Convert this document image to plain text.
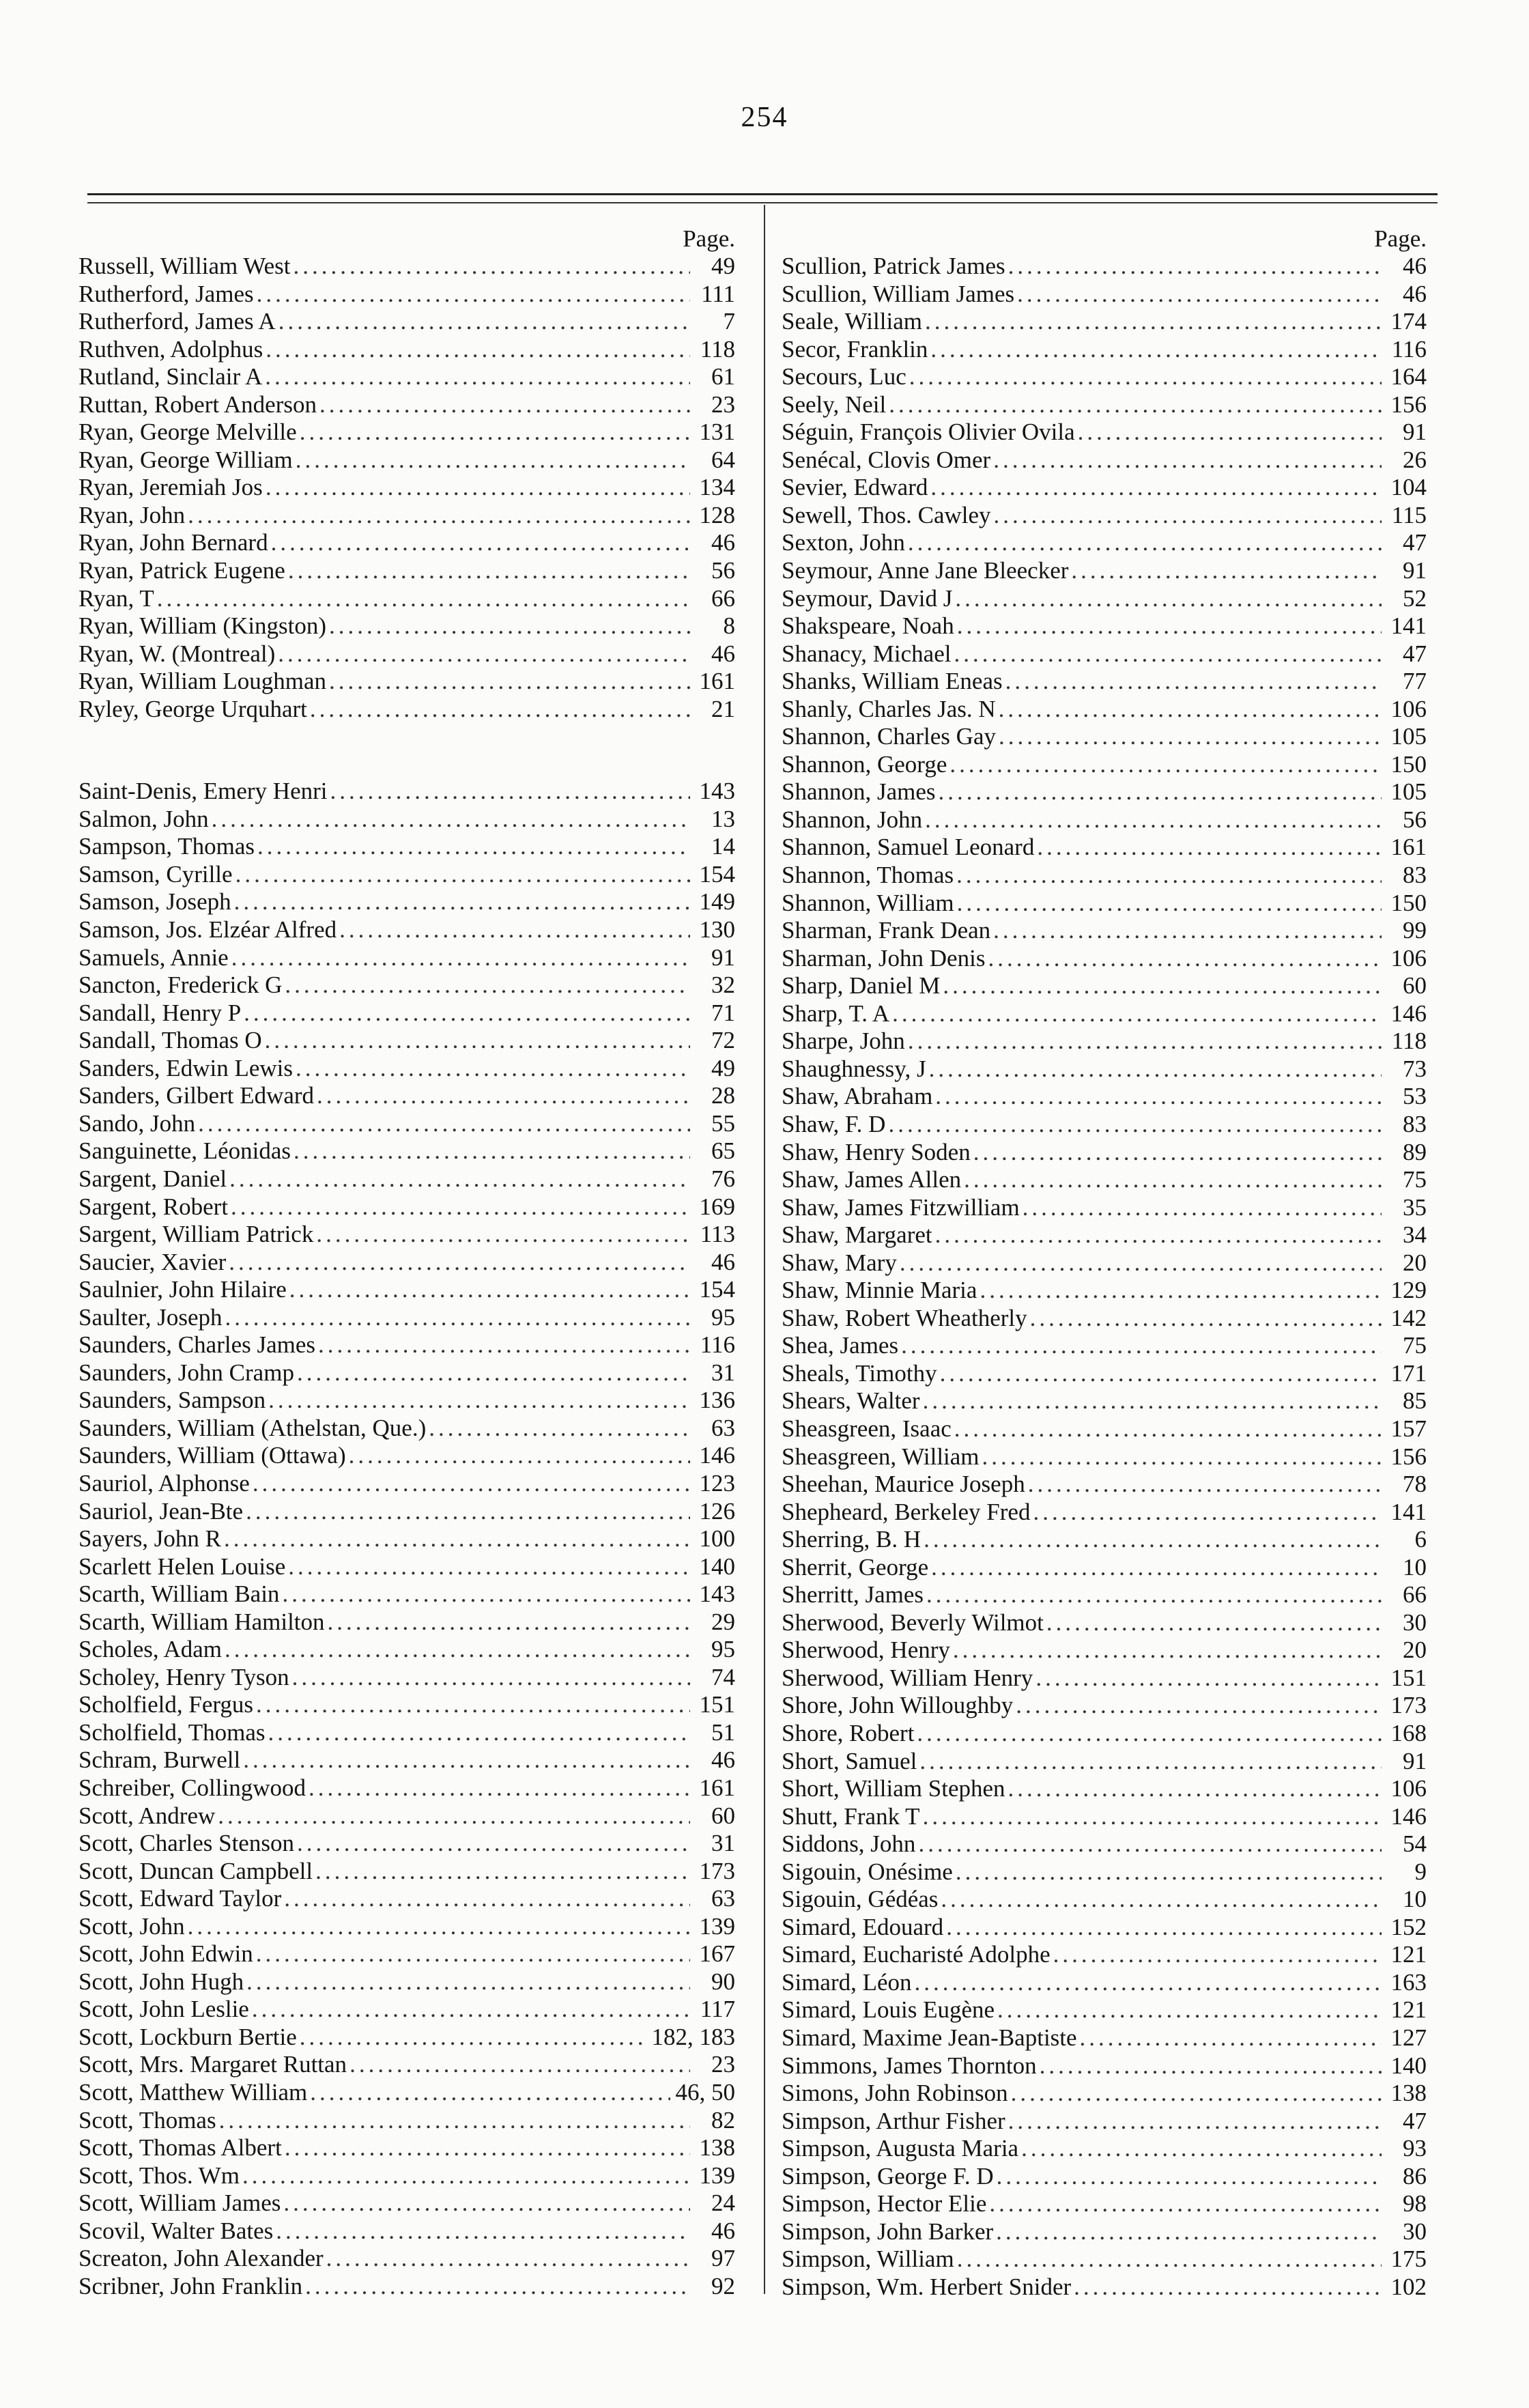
254
Page.
Russell, William West .....	49
Rutherford, James .....	111
Rutherford, James A .....	7
Ruthven, Adolphus .....	118
Rutland, Sinclair A .....	61
Ruttan, Robert Anderson .....	23
Ryan, George Melville .....	131
Ryan, George William .....	64
Ryan, Jeremiah Jos .....	134
Ryan, John .....	128
Ryan, John Bernard .....	46
Ryan, Patrick Eugene .....	56
Ryan, T .....	66
Ryan, William (Kingston) .....	8
Ryan, W. (Montreal) .....	46
Ryan, William Loughman .....	161
Ryley, George Urquhart .....	21
Saint-Denis, Emery Henri .....	143
Salmon, John .....	13
Sampson, Thomas .....	14
Samson, Cyrille .....	154
Samson, Joseph .....	149
Samson, Jos. Elzéar Alfred .....	130
Samuels, Annie .....	91
Sancton, Frederick G .....	32
Sandall, Henry P .....	71
Sandall, Thomas O .....	72
Sanders, Edwin Lewis .....	49
Sanders, Gilbert Edward .....	28
Sando, John .....	55
Sanguinette, Léonidas .....	65
Sargent, Daniel .....	76
Sargent, Robert .....	169
Sargent, William Patrick .....	113
Saucier, Xavier .....	46
Saulnier, John Hilaire .....	154
Saulter, Joseph .....	95
Saunders, Charles James .....	116
Saunders, John Cramp .....	31
Saunders, Sampson .....	136
Saunders, William (Athelstan, Que.) .....	63
Saunders, William (Ottawa) .....	146
Sauriol, Alphonse .....	123
Sauriol, Jean-Bte .....	126
Sayers, John R .....	100
Scarlett Helen Louise .....	140
Scarth, William Bain .....	143
Scarth, William Hamilton .....	29
Scholes, Adam .....	95
Scholey, Henry Tyson .....	74
Scholfield, Fergus .....	151
Scholfield, Thomas .....	51
Schram, Burwell .....	46
Schreiber, Collingwood .....	161
Scott, Andrew .....	60
Scott, Charles Stenson .....	31
Scott, Duncan Campbell .....	173
Scott, Edward Taylor .....	63
Scott, John .....	139
Scott, John Edwin .....	167
Scott, John Hugh .....	90
Scott, John Leslie .....	117
Scott, Lockburn Bertie .....	182, 183
Scott, Mrs. Margaret Ruttan .....	23
Scott, Matthew William .....	46, 50
Scott, Thomas .....	82
Scott, Thomas Albert .....	138
Scott, Thos. Wm .....	139
Scott, William James .....	24
Scovil, Walter Bates .....	46
Screaton, John Alexander .....	97
Scribner, John Franklin .....	92
Page.
Scullion, Patrick James .....	46
Scullion, William James .....	46
Seale, William .....	174
Secor, Franklin .....	116
Secours, Luc .....	164
Seely, Neil .....	156
Séguin, François Olivier Ovila .....	91
Senécal, Clovis Omer .....	26
Sevier, Edward .....	104
Sewell, Thos. Cawley .....	115
Sexton, John .....	47
Seymour, Anne Jane Bleecker .....	91
Seymour, David J .....	52
Shakspeare, Noah .....	141
Shanacy, Michael .....	47
Shanks, William Eneas .....	77
Shanly, Charles Jas. N .....	106
Shannon, Charles Gay .....	105
Shannon, George .....	150
Shannon, James .....	105
Shannon, John .....	56
Shannon, Samuel Leonard .....	161
Shannon, Thomas .....	83
Shannon, William .....	150
Sharman, Frank Dean .....	99
Sharman, John Denis .....	106
Sharp, Daniel M .....	60
Sharp, T. A .....	146
Sharpe, John .....	118
Shaughnessy, J .....	73
Shaw, Abraham .....	53
Shaw, F. D .....	83
Shaw, Henry Soden .....	89
Shaw, James Allen .....	75
Shaw, James Fitzwilliam .....	35
Shaw, Margaret .....	34
Shaw, Mary .....	20
Shaw, Minnie Maria .....	129
Shaw, Robert Wheatherly .....	142
Shea, James .....	75
Sheals, Timothy .....	171
Shears, Walter .....	85
Sheasgreen, Isaac .....	157
Sheasgreen, William .....	156
Sheehan, Maurice Joseph .....	78
Shepheard, Berkeley Fred .....	141
Sherring, B. H .....	6
Sherrit, George .....	10
Sherritt, James .....	66
Sherwood, Beverly Wilmot .....	30
Sherwood, Henry .....	20
Sherwood, William Henry .....	151
Shore, John Willoughby .....	173
Shore, Robert .....	168
Short, Samuel .....	91
Short, William Stephen .....	106
Shutt, Frank T .....	146
Siddons, John .....	54
Sigouin, Onésime .....	9
Sigouin, Gédéas .....	10
Simard, Edouard .....	152
Simard, Eucharisté Adolphe .....	121
Simard, Léon .....	163
Simard, Louis Eugène .....	121
Simard, Maxime Jean-Baptiste .....	127
Simmons, James Thornton .....	140
Simons, John Robinson .....	138
Simpson, Arthur Fisher .....	47
Simpson, Augusta Maria .....	93
Simpson, George F. D .....	86
Simpson, Hector Elie .....	98
Simpson, John Barker .....	30
Simpson, William .....	175
Simpson, Wm. Herbert Snider .....	102
